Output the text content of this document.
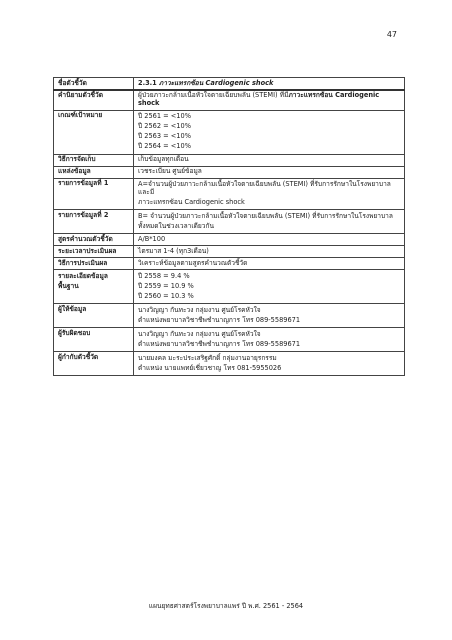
47
ชื่อตัวชี้วัด	2.3.1 ภาวะแทรกซ้อน Cardiogenic shock
คำนิยามตัวชี้วัด	ผู้ป่วยภาวะกล้ามเนื้อหัวใจตายเฉียบพลัน (STEMI) ที่มีภาวะแทรกซ้อน Cardiogenic shock
เกณฑ์เป้าหมาย	ปี 2561 = <10%
ปี 2562 = <10%
ปี 2563 = <10%
ปี 2564 = <10%

วิธีการจัดเก็บ	เก็บข้อมูลทุกเดือน
แหล่งข้อมูล	เวชระเบียน ศูนย์ข้อมูล
รายการข้อมูลที่ 1	A=จำนวนผู้ป่วยภาวะกล้ามเนื้อหัวใจตายเฉียบพลัน (STEMI) ที่รับการรักษาในโรงพยาบาล และมี
ภาวะแทรกซ้อน Cardiogenic shock

รายการข้อมูลที่ 2	B= จำนวนผู้ป่วยภาวะกล้ามเนื้อหัวใจตายเฉียบพลัน (STEMI) ที่รับการรักษาในโรงพยาบาล
ทั้งหมดในช่วงเวลาเดียวกัน

สูตรคำนวณตัวชี้วัด	A/B*100
ระยะเวลาประเมินผล	ไตรมาส 1-4 (ทุก3เดือน)
วิธีการประเมินผล	วิเคราะห์ข้อมูลตามสูตรคำนวณตัวชี้วัด

รายละเอียดข้อมูล
พื้นฐาน	ปี 2558 = 9.4 %
ปี 2559 = 10.9 %
ปี 2560 = 10.3 %

ผู้ให้ข้อมูล	นางวิญญา กันทะวง กลุ่มงาน ศูนย์โรคหัวใจ
ตำแหน่งพยาบาลวิชาชีพชำนาญการ โทร 089-5589671

ผู้รับผิดชอบ	นางวิญญา กันทะวง กลุ่มงาน ศูนย์โรคหัวใจ
ตำแหน่งพยาบาลวิชาชีพชำนาญการ โทร 089-5589671

ผู้กำกับตัวชี้วัด	นายมงคล มะระประเสริฐศักดิ์ กลุ่มงานอายุรกรรม
ตำแหน่ง นายแพทย์เชี่ยวชาญ โทร 081-5955026
แผนยุทธศาสตร์โรงพยาบาลแพร่ ปี พ.ศ. 2561 - 2564
